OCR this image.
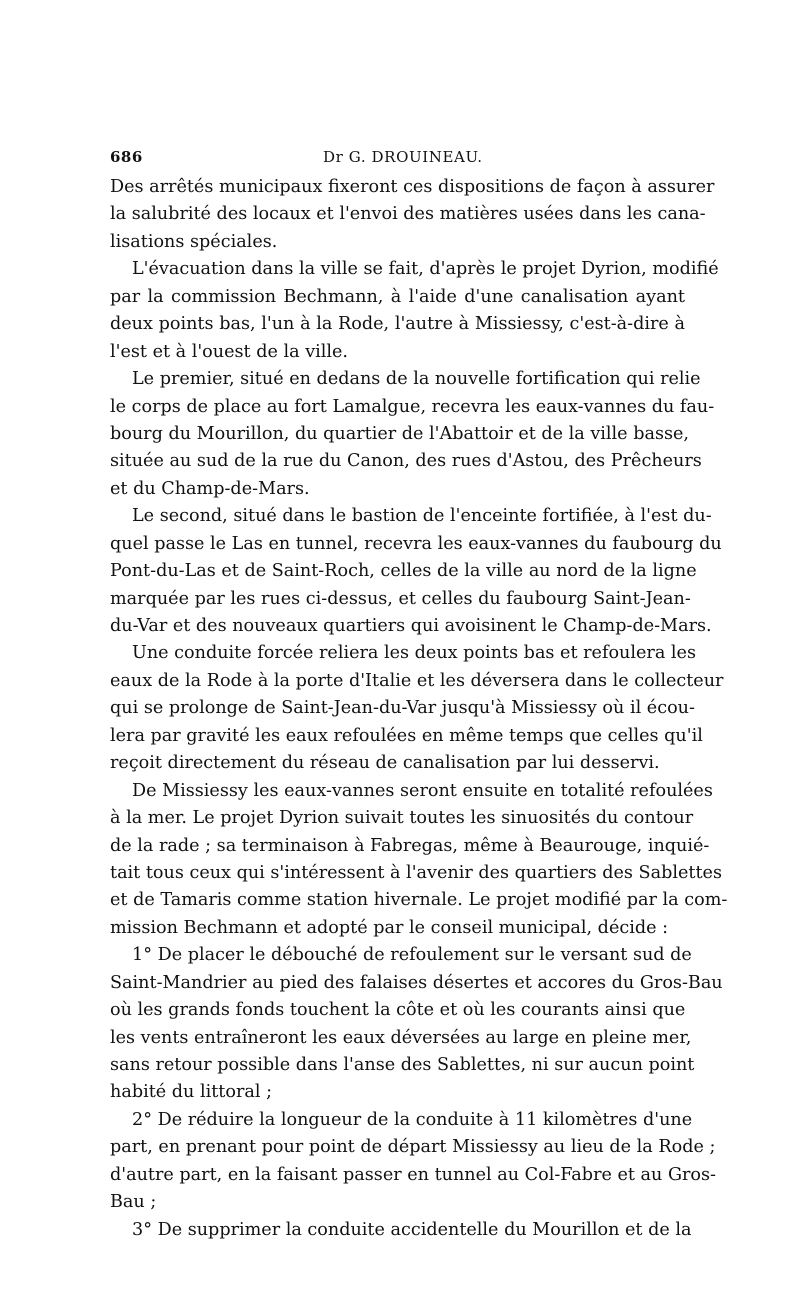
686	Dr G. DROUINEAU.
Des arrêtés municipaux fixeront ces dispositions de façon à assurer
la salubrité des locaux et l'envoi des matières usées dans les cana-
lisations spéciales.
L'évacuation dans la ville se fait, d'après le projet Dyrion, modifié
par la commission Bechmann, à l'aide d'une canalisation ayant
deux points bas, l'un à la Rode, l'autre à Missiessy, c'est-à-dire à
l'est et à l'ouest de la ville.
Le premier, situé en dedans de la nouvelle fortification qui relie
le corps de place au fort Lamalgue, recevra les eaux-vannes du fau-
bourg du Mourillon, du quartier de l'Abattoir et de la ville basse,
située au sud de la rue du Canon, des rues d'Astou, des Prêcheurs
et du Champ-de-Mars.
Le second, situé dans le bastion de l'enceinte fortifiée, à l'est du-
quel passe le Las en tunnel, recevra les eaux-vannes du faubourg du
Pont-du-Las et de Saint-Roch, celles de la ville au nord de la ligne
marquée par les rues ci-dessus, et celles du faubourg Saint-Jean-
du-Var et des nouveaux quartiers qui avoisinent le Champ-de-Mars.
Une conduite forcée reliera les deux points bas et refoulera les
eaux de la Rode à la porte d'Italie et les déversera dans le collecteur
qui se prolonge de Saint-Jean-du-Var jusqu'à Missiessy où il écou-
lera par gravité les eaux refoulées en même temps que celles qu'il
reçoit directement du réseau de canalisation par lui desservi.
De Missiessy les eaux-vannes seront ensuite en totalité refoulées
à la mer. Le projet Dyrion suivait toutes les sinuosités du contour
de la rade ; sa terminaison à Fabregas, même à Beaurouge, inquié-
tait tous ceux qui s'intéressent à l'avenir des quartiers des Sablettes
et de Tamaris comme station hivernale. Le projet modifié par la com-
mission Bechmann et adopté par le conseil municipal, décide :
1° De placer le débouché de refoulement sur le versant sud de
Saint-Mandrier au pied des falaises désertes et accores du Gros-Bau
où les grands fonds touchent la côte et où les courants ainsi que
les vents entraîneront les eaux déversées au large en pleine mer,
sans retour possible dans l'anse des Sablettes, ni sur aucun point
habité du littoral ;
2° De réduire la longueur de la conduite à 11 kilomètres d'une
part, en prenant pour point de départ Missiessy au lieu de la Rode ;
d'autre part, en la faisant passer en tunnel au Col-Fabre et au Gros-
Bau ;
3° De supprimer la conduite accidentelle du Mourillon et de la
